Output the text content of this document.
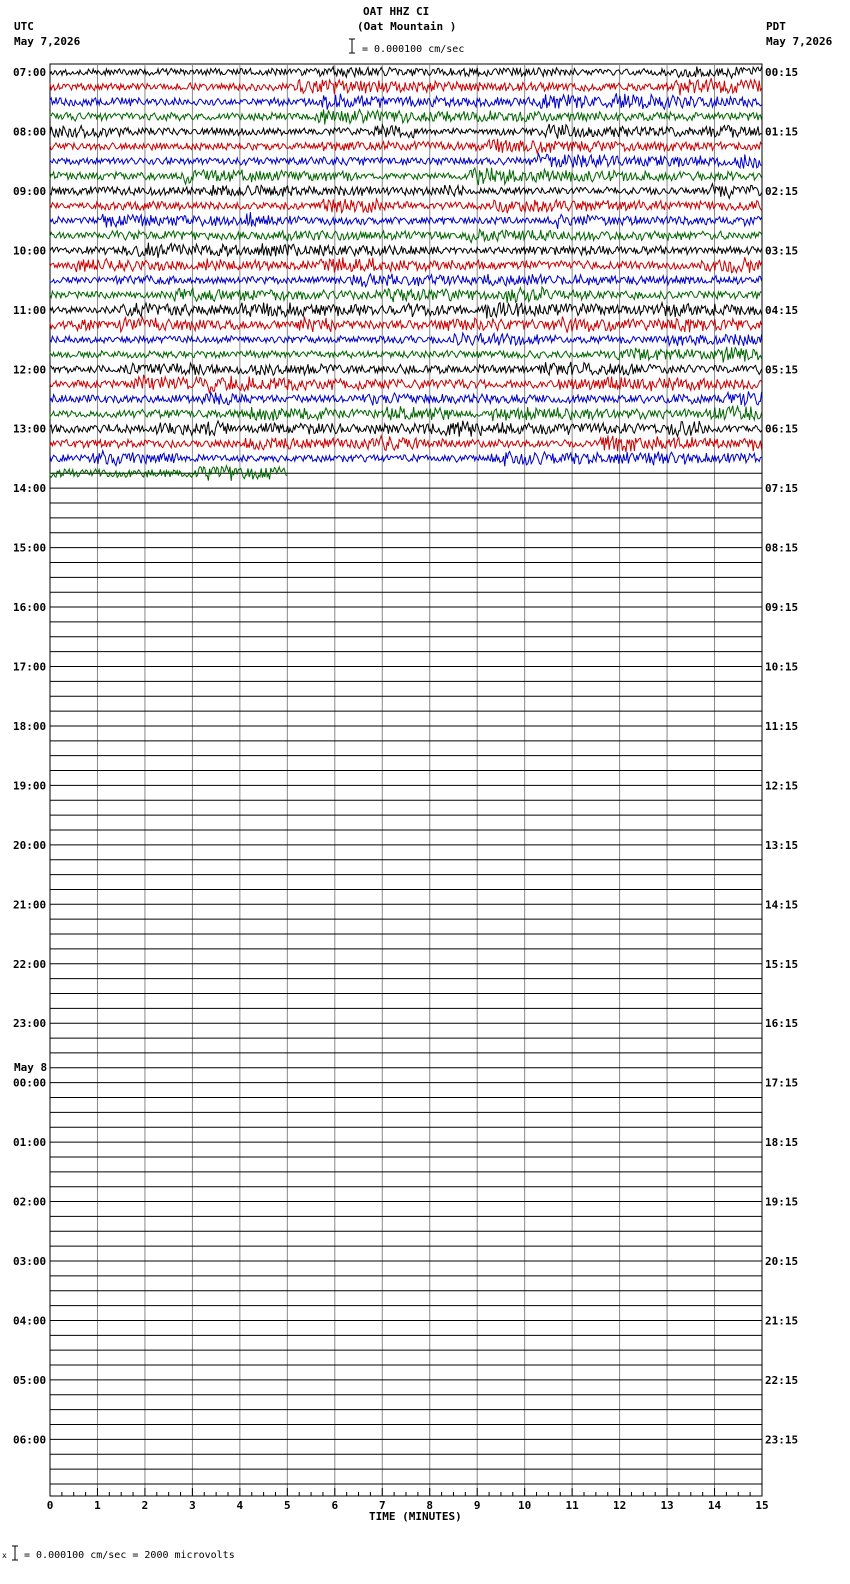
OAT HHZ CI
(Oat Mountain )
UTC
May 7,2026
PDT
May 7,2026
= 0.000100 cm/sec
x = 0.000100 cm/sec = 2000 microvolts
TIME (MINUTES)
May 8
0	1	2	3	4	5	6	7	8	9	10	11	12	13	14	15
07:00	00:15
08:00	01:15
09:00	02:15
10:00	03:15
11:00	04:15
12:00	05:15
13:00	06:15
14:00	07:15
15:00	08:15
16:00	09:15
17:00	10:15
18:00	11:15
19:00	12:15
20:00	13:15
21:00	14:15
22:00	15:15
23:00	16:15
00:00	17:15
01:00	18:15
02:00	19:15
03:00	20:15
04:00	21:15
05:00	22:15
06:00	23:15
